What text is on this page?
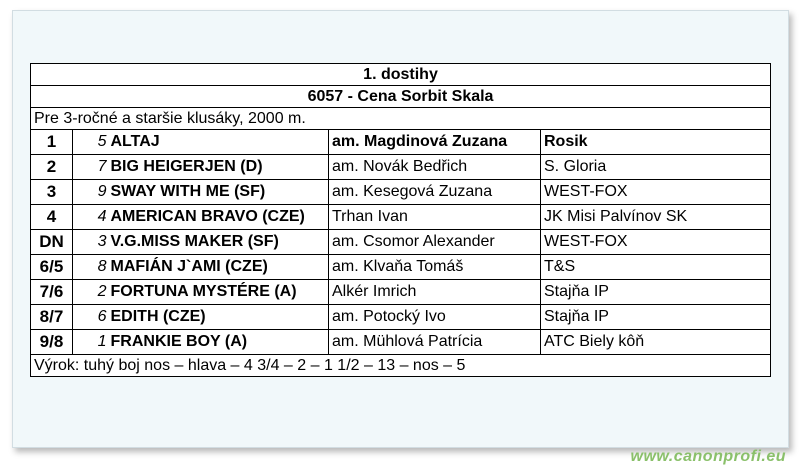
1. dostihy				
6057 - Cena Sorbit Skala				
Pre 3-ročné a staršie klusáky, 2000 m.				
1	5	ALTAJ	am. Magdinová Zuzana	Rosik
2	7	BIG HEIGERJEN (D)	am. Novák Bedřich	S. Gloria
3	9	SWAY WITH ME (SF)	am. Kesegová Zuzana	WEST-FOX
4	4	AMERICAN BRAVO (CZE)	Trhan Ivan	JK Misi Palvínov SK
DN	3	V.G.MISS MAKER (SF)	am. Csomor Alexander	WEST-FOX
6/5	8	MAFIÁN J`AMI (CZE)	am. Klvaňa Tomáš	T&S
7/6	2	FORTUNA MYSTÉRE (A)	Alkér Imrich	Stajňa IP
8/7	6	EDITH (CZE)	am. Potocký Ivo	Stajňa IP
9/8	1	FRANKIE BOY (A)	am. Mühlová Patrícia	ATC Biely kôň
Výrok: tuhý boj nos – hlava – 4 3/4 – 2 – 1 1/2 – 13 – nos – 5				
www.canonprofi.eu
